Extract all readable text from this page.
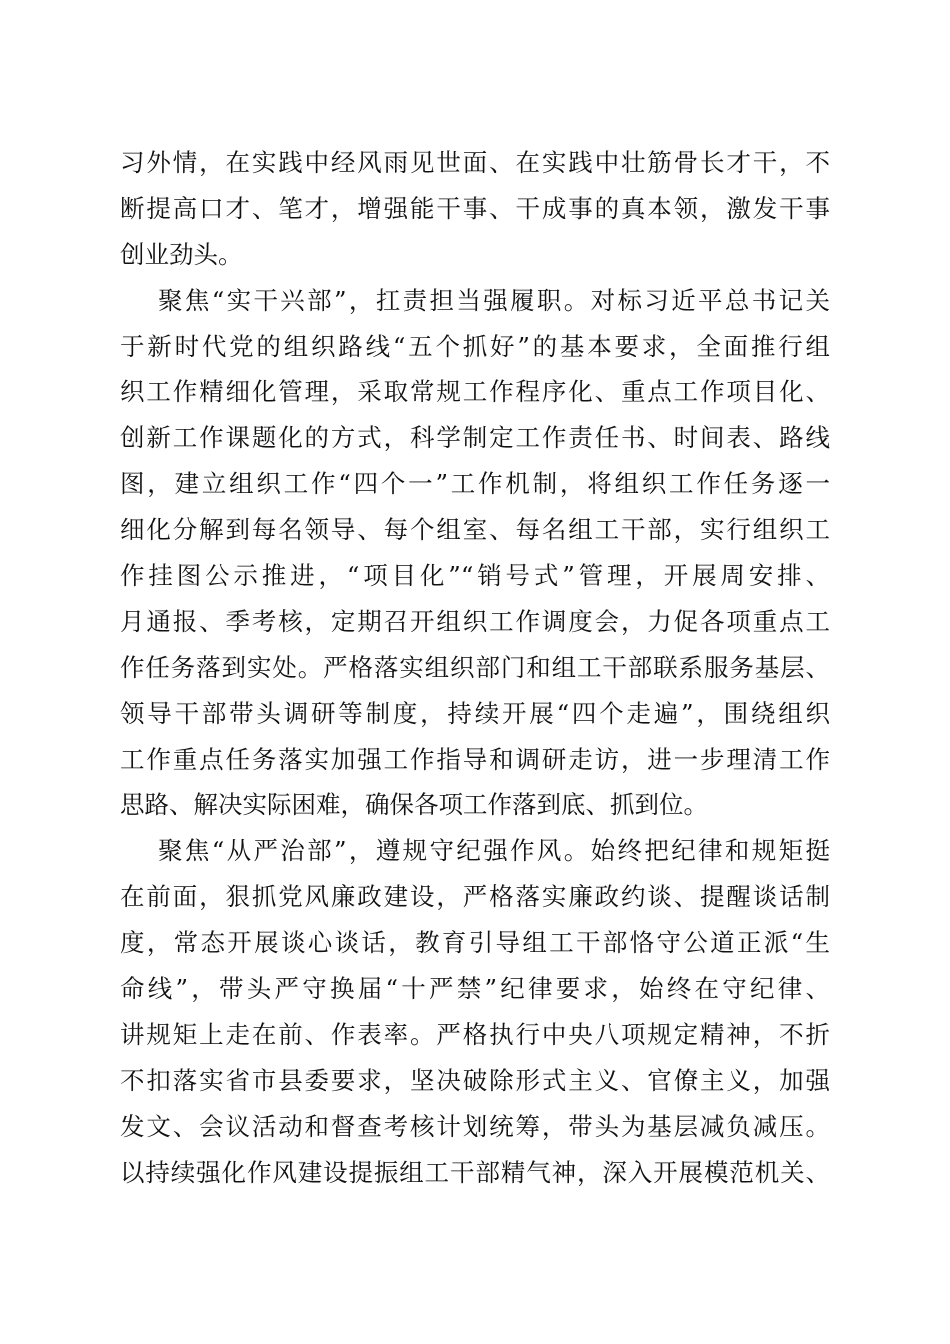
习外情，在实践中经风雨见世面、在实践中壮筋骨长才干，不
断提高口才、笔才，增强能干事、干成事的真本领，激发干事
创业劲头。
聚焦“实干兴部”，扛责担当强履职。对标习近平总书记关
于新时代党的组织路线“五个抓好”的基本要求，全面推行组
织工作精细化管理，采取常规工作程序化、重点工作项目化、
创新工作课题化的方式，科学制定工作责任书、时间表、路线
图，建立组织工作“四个一”工作机制，将组织工作任务逐一
细化分解到每名领导、每个组室、每名组工干部，实行组织工
作挂图公示推进，“项目化”“销号式”管理，开展周安排、
月通报、季考核，定期召开组织工作调度会，力促各项重点工
作任务落到实处。严格落实组织部门和组工干部联系服务基层、
领导干部带头调研等制度，持续开展“四个走遍”，围绕组织
工作重点任务落实加强工作指导和调研走访，进一步理清工作
思路、解决实际困难，确保各项工作落到底、抓到位。
聚焦“从严治部”，遵规守纪强作风。始终把纪律和规矩挺
在前面，狠抓党风廉政建设，严格落实廉政约谈、提醒谈话制
度，常态开展谈心谈话，教育引导组工干部恪守公道正派“生
命线”，带头严守换届“十严禁”纪律要求，始终在守纪律、
讲规矩上走在前、作表率。严格执行中央八项规定精神，不折
不扣落实省市县委要求，坚决破除形式主义、官僚主义，加强
发文、会议活动和督查考核计划统筹，带头为基层减负减压。
以持续强化作风建设提振组工干部精气神，深入开展模范机关、
